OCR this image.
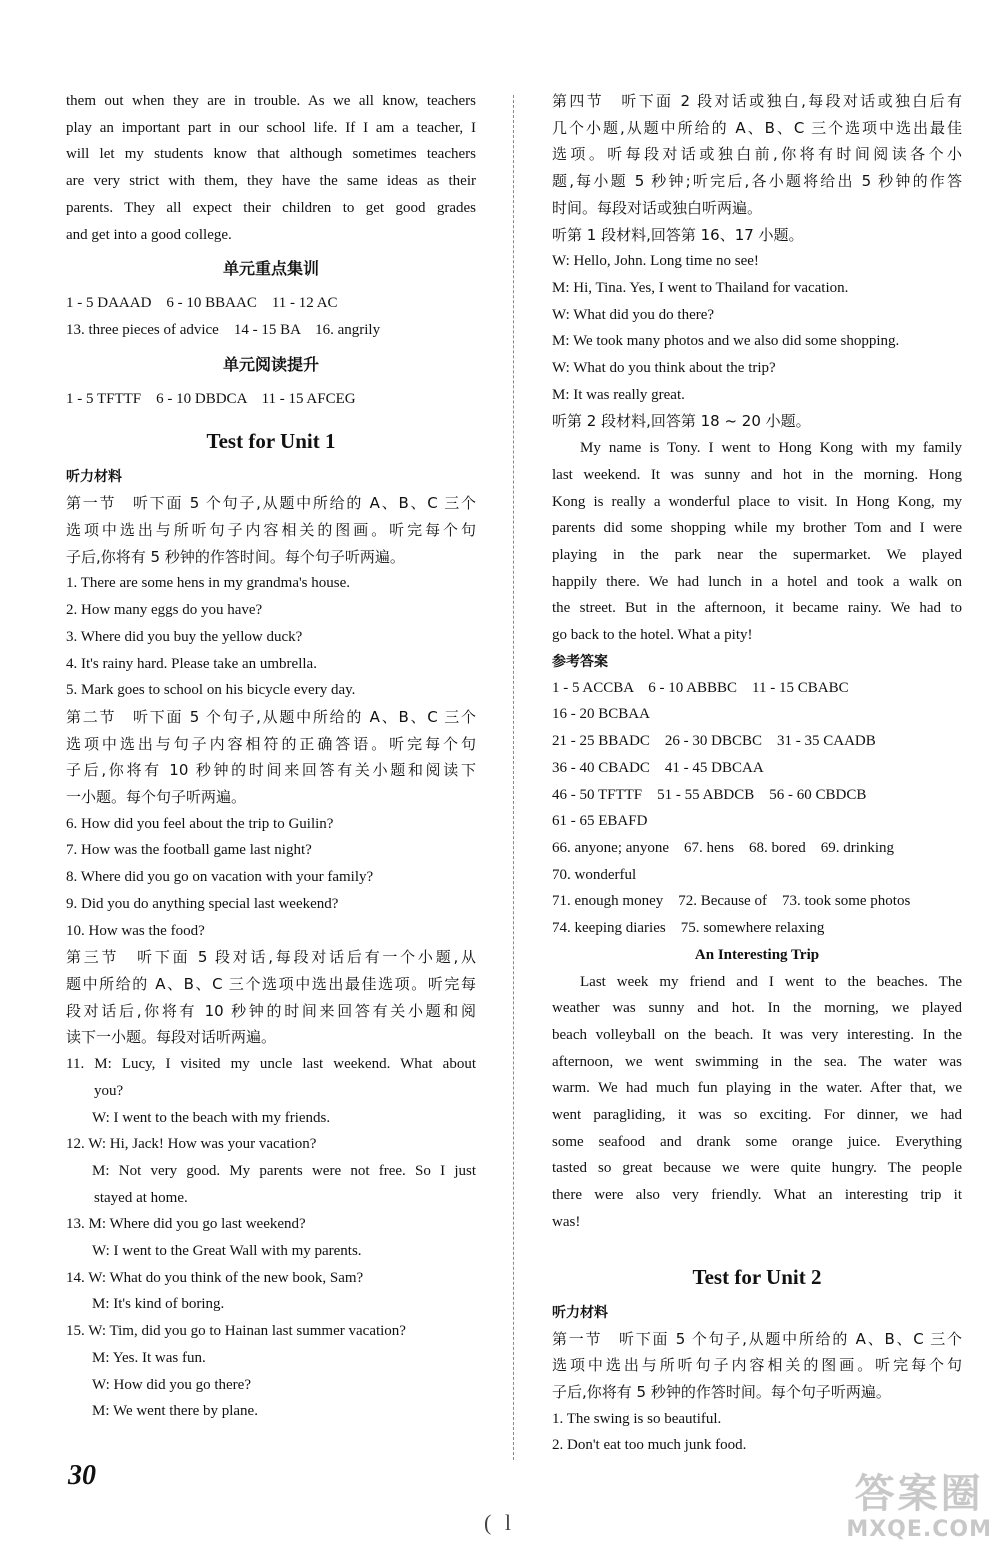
them out when they are in trouble. As we all know, teachers
play an important part in our school life. If I am a teacher, I
will let my students know that although sometimes teachers
are very strict with them, they have the same ideas as their
parents. They all expect their children to get good grades
and get into a good college.
单元重点集训
1 - 5 DAAAD    6 - 10 BBAAC    11 - 12 AC
13. three pieces of advice    14 - 15 BA    16. angrily
单元阅读提升
1 - 5 TFTTF    6 - 10 DBDCA    11 - 15 AFCEG
Test for Unit 1
听力材料
第一节　听下面 5 个句子,从题中所给的 A、B、C 三个
选项中选出与所听句子内容相关的图画。听完每个句
子后,你将有 5 秒钟的作答时间。每个句子听两遍。
1. There are some hens in my grandma's house.
2. How many eggs do you have?
3. Where did you buy the yellow duck?
4. It's rainy hard. Please take an umbrella.
5. Mark goes to school on his bicycle every day.
第二节　听下面 5 个句子,从题中所给的 A、B、C 三个
选项中选出与句子内容相符的正确答语。听完每个句
子后,你将有 10 秒钟的时间来回答有关小题和阅读下
一小题。每个句子听两遍。
6. How did you feel about the trip to Guilin?
7. How was the football game last night?
8. Where did you go on vacation with your family?
9. Did you do anything special last weekend?
10. How was the food?
第三节　听下面 5 段对话,每段对话后有一个小题,从
题中所给的 A、B、C 三个选项中选出最佳选项。听完每
段对话后,你将有 10 秒钟的时间来回答有关小题和阅
读下一小题。每段对话听两遍。
11. M: Lucy, I visited my uncle last weekend. What about
you?
W: I went to the beach with my friends.
12. W: Hi, Jack! How was your vacation?
M: Not very good. My parents were not free. So I just
stayed at home.
13. M: Where did you go last weekend?
W: I went to the Great Wall with my parents.
14. W: What do you think of the new book, Sam?
M: It's kind of boring.
15. W: Tim, did you go to Hainan last summer vacation?
M: Yes. It was fun.
W: How did you go there?
M: We went there by plane.
第四节　听下面 2 段对话或独白,每段对话或独白后有
几个小题,从题中所给的 A、B、C 三个选项中选出最佳
选项。听每段对话或独白前,你将有时间阅读各个小
题,每小题 5 秒钟;听完后,各小题将给出 5 秒钟的作答
时间。每段对话或独白听两遍。
听第 1 段材料,回答第 16、17 小题。
W: Hello, John. Long time no see!
M: Hi, Tina. Yes, I went to Thailand for vacation.
W: What did you do there?
M: We took many photos and we also did some shopping.
W: What do you think about the trip?
M: It was really great.
听第 2 段材料,回答第 18 ~ 20 小题。
My name is Tony. I went to Hong Kong with my family
last weekend. It was sunny and hot in the morning. Hong
Kong is really a wonderful place to visit. In Hong Kong, my
parents did some shopping while my brother Tom and I were
playing in the park near the supermarket. We played
happily there. We had lunch in a hotel and took a walk on
the street. But in the afternoon, it became rainy. We had to
go back to the hotel. What a pity!
参考答案
1 - 5 ACCBA    6 - 10 ABBBC    11 - 15 CBABC
16 - 20 BCBAA
21 - 25 BBADC    26 - 30 DBCBC    31 - 35 CAADB
36 - 40 CBADC    41 - 45 DBCAA
46 - 50 TFTTF    51 - 55 ABDCB    56 - 60 CBDCB
61 - 65 EBAFD
66. anyone; anyone    67. hens    68. bored    69. drinking
70. wonderful
71. enough money    72. Because of    73. took some photos
74. keeping diaries    75. somewhere relaxing
An Interesting Trip
Last week my friend and I went to the beaches. The
weather was sunny and hot. In the morning, we played
beach volleyball on the beach. It was very interesting. In the
afternoon, we went swimming in the sea. The water was
warm. We had much fun playing in the water. After that, we
went paragliding, it was so exciting. For dinner, we had
some seafood and drank some orange juice. Everything
tasted so great because we were quite hungry. The people
there were also very friendly. What an interesting trip it
was!
Test for Unit 2
听力材料
第一节　听下面 5 个句子,从题中所给的 A、B、C 三个
选项中选出与所听句子内容相关的图画。听完每个句
子后,你将有 5 秒钟的作答时间。每个句子听两遍。
1. The swing is so beautiful.
2. Don't eat too much junk food.
30
( l
答案圈
MXQE.COM
